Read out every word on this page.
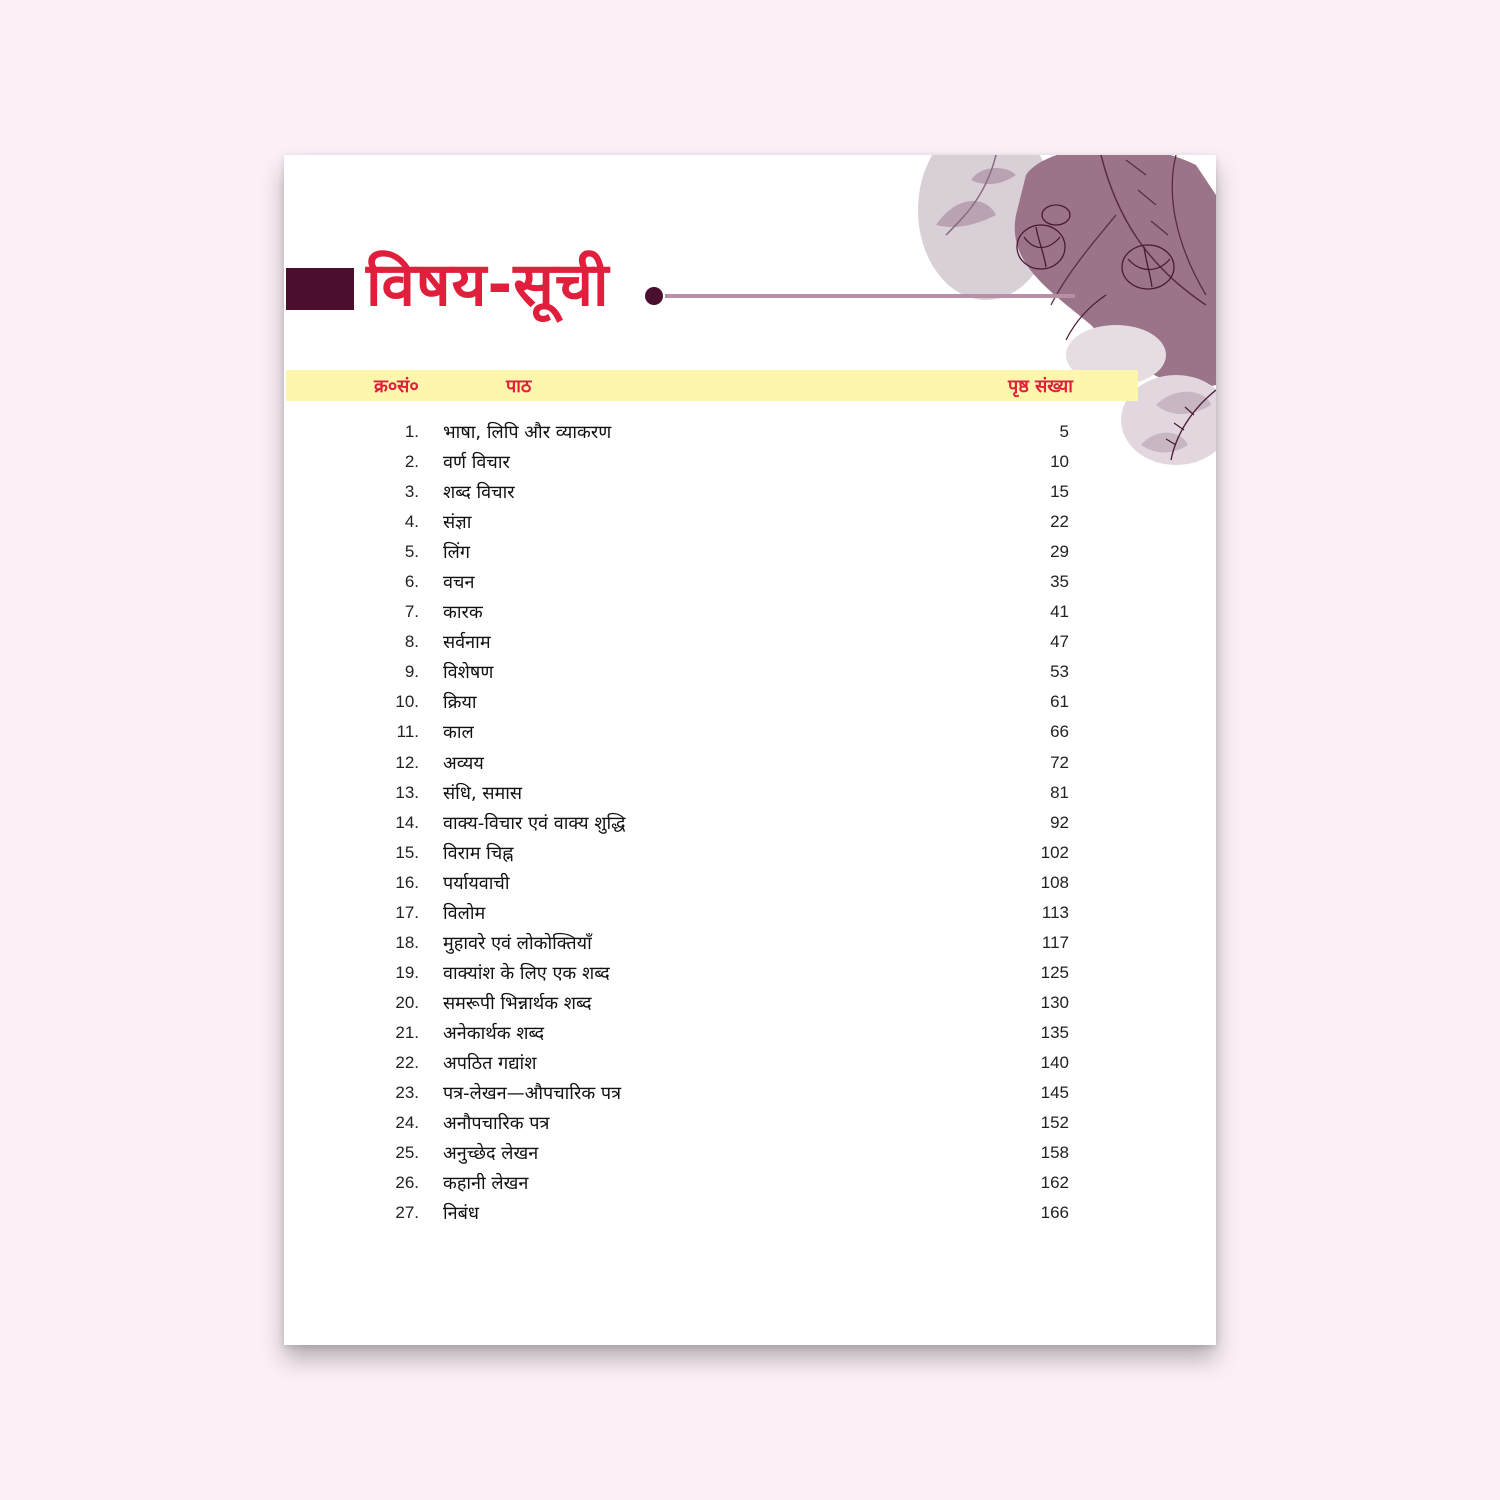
विषय-सूची
क्र०सं०	पाठ	पृष्ठ संख्या
1. भाषा, लिपि और व्याकरण	5
2. वर्ण विचार	10
3. शब्द विचार	15
4. संज्ञा	22
5. लिंग	29
6. वचन	35
7. कारक	41
8. सर्वनाम	47
9. विशेषण	53
10. क्रिया	61
11. काल	66
12. अव्यय	72
13. संधि, समास	81
14. वाक्य-विचार एवं वाक्य शुद्धि	92
15. विराम चिह्न	102
16. पर्यायवाची	108
17. विलोम	113
18. मुहावरे एवं लोकोक्तियाँ	117
19. वाक्यांश के लिए एक शब्द	125
20. समरूपी भिन्नार्थक शब्द	130
21. अनेकार्थक शब्द	135
22. अपठित गद्यांश	140
23. पत्र-लेखन—औपचारिक पत्र	145
24. अनौपचारिक पत्र	152
25. अनुच्छेद लेखन	158
26. कहानी लेखन	162
27. निबंध	166
